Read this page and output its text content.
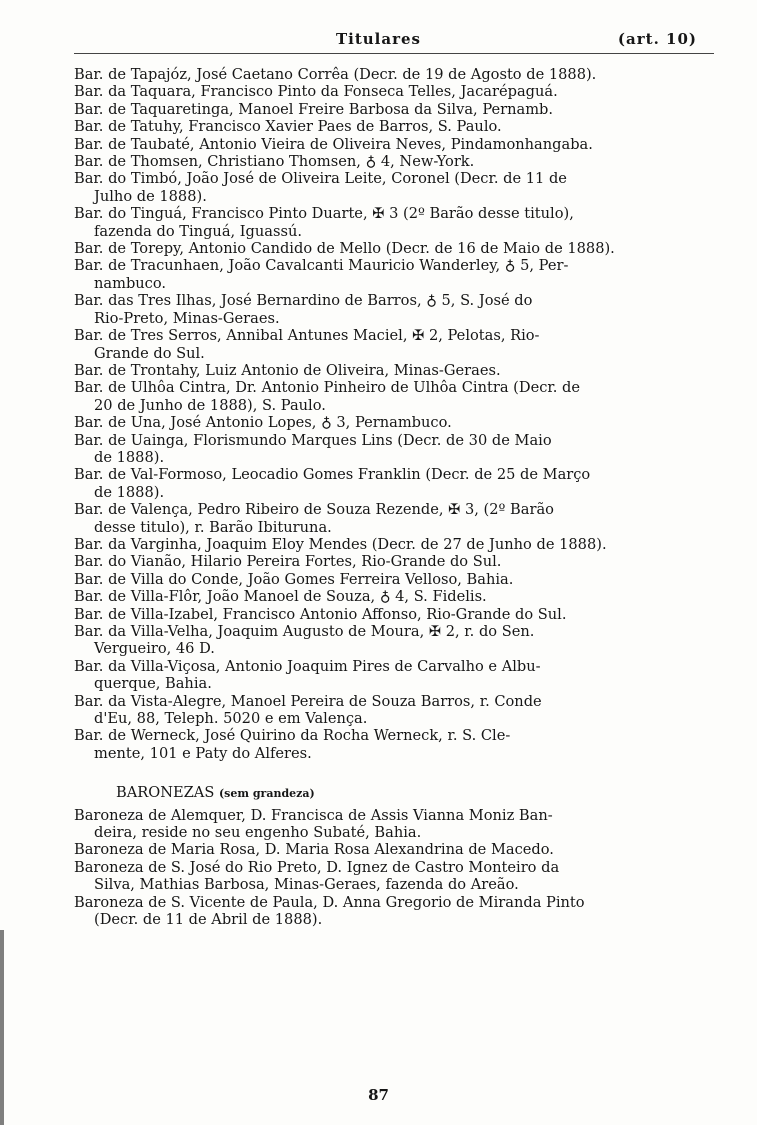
Titulares	(art. 10)
Bar. de Tapajóz, José Caetano Corrêa (Decr. de 19 de Agosto de 1888).
Bar. da Taquara, Francisco Pinto da Fonseca Telles, Jacarépaguá.
Bar. de Taquaretinga, Manoel Freire Barbosa da Silva, Pernamb.
Bar. de Tatuhy, Francisco Xavier Paes de Barros, S. Paulo.
Bar. de Taubaté, Antonio Vieira de Oliveira Neves, Pindamonhangaba.
Bar. de Thomsen, Christiano Thomsen, ♁ 4, New-York.
Bar. do Timbó, João José de Oliveira Leite, Coronel (Decr. de 11 de
Julho de 1888).
Bar. do Tinguá, Francisco Pinto Duarte, ✠ 3 (2º Barão desse titulo),
fazenda do Tinguá, Iguassú.
Bar. de Torepy, Antonio Candido de Mello (Decr. de 16 de Maio de 1888).
Bar. de Tracunhaen, João Cavalcanti Mauricio Wanderley, ♁ 5, Per-
nambuco.
Bar. das Tres Ilhas, José Bernardino de Barros, ♁ 5, S. José do
Rio-Preto, Minas-Geraes.
Bar. de Tres Serros, Annibal Antunes Maciel, ✠ 2, Pelotas, Rio-
Grande do Sul.
Bar. de Trontahy, Luiz Antonio de Oliveira, Minas-Geraes.
Bar. de Ulhôa Cintra, Dr. Antonio Pinheiro de Ulhôa Cintra (Decr. de
20 de Junho de 1888), S. Paulo.
Bar. de Una, José Antonio Lopes, ♁ 3, Pernambuco.
Bar. de Uainga, Florismundo Marques Lins (Decr. de 30 de Maio
de 1888).
Bar. de Val-Formoso, Leocadio Gomes Franklin (Decr. de 25 de Março
de 1888).
Bar. de Valença, Pedro Ribeiro de Souza Rezende, ✠ 3, (2º Barão
desse titulo), r. Barão Ibituruna.
Bar. da Varginha, Joaquim Eloy Mendes (Decr. de 27 de Junho de 1888).
Bar. do Vianão, Hilario Pereira Fortes, Rio-Grande do Sul.
Bar. de Villa do Conde, João Gomes Ferreira Velloso, Bahia.
Bar. de Villa-Flôr, João Manoel de Souza, ♁ 4, S. Fidelis.
Bar. de Villa-Izabel, Francisco Antonio Affonso, Rio-Grande do Sul.
Bar. da Villa-Velha, Joaquim Augusto de Moura, ✠ 2, r. do Sen.
Vergueiro, 46 D.
Bar. da Villa-Viçosa, Antonio Joaquim Pires de Carvalho e Albu-
querque, Bahia.
Bar. da Vista-Alegre, Manoel Pereira de Souza Barros, r. Conde
d'Eu, 88, Teleph. 5020 e em Valença.
Bar. de Werneck, José Quirino da Rocha Werneck, r. S. Cle-
mente, 101 e Paty do Alferes.
BARONEZAS (sem grandeza)
Baroneza de Alemquer, D. Francisca de Assis Vianna Moniz Ban-
deira, reside no seu engenho Subaté, Bahia.
Baroneza de Maria Rosa, D. Maria Rosa Alexandrina de Macedo.
Baroneza de S. José do Rio Preto, D. Ignez de Castro Monteiro da
Silva, Mathias Barbosa, Minas-Geraes, fazenda do Areão.
Baroneza de S. Vicente de Paula, D. Anna Gregorio de Miranda Pinto
(Decr. de 11 de Abril de 1888).
87
